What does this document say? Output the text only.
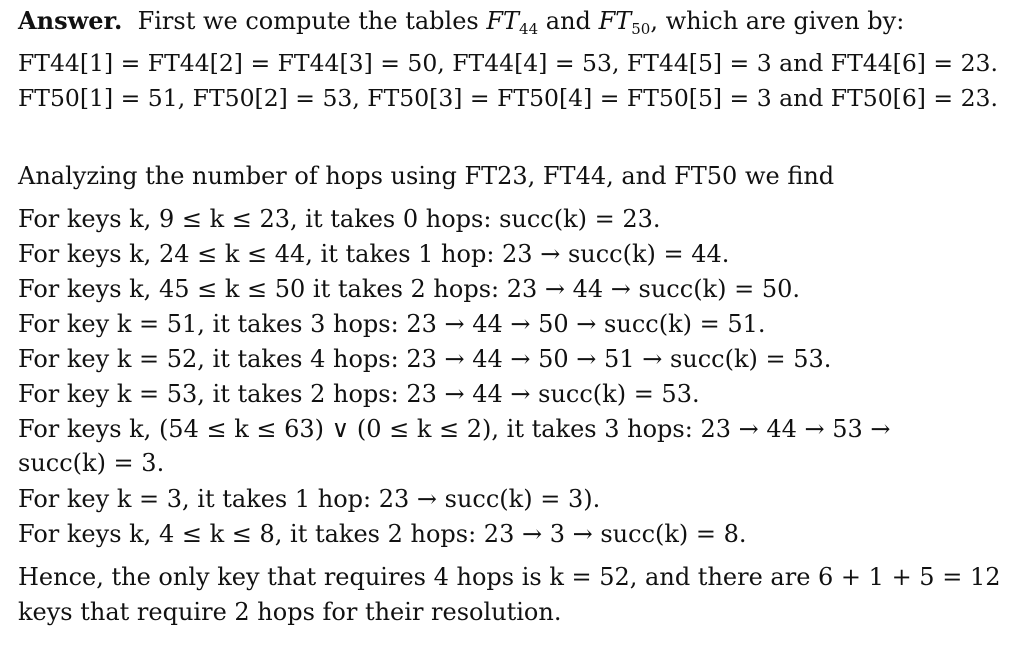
Answer. First we compute the tables $FT_{44}$ and $FT_{50}$, which are given by:

FT44[1] = FT44[2] = FT44[3] = 50, FT44[4] = 53, FT44[5] = 3 and FT44[6] = 23.

FT50[1] = 51, FT50[2] = 53, FT50[3] = FT50[4] = FT50[5] = 3 and FT50[6] = 23.

Analyzing the number of hops using FT23, FT44, and FT50 we find

For keys k, 9 ≤ k ≤ 23, it takes 0 hops: succ(k) = 23.

For keys k, 24 ≤ k ≤ 44, it takes 1 hop: 23 → succ(k) = 44.

For keys k, 45 ≤ k ≤ 50 it takes 2 hops: 23 → 44 → succ(k) = 50.

For key k = 51, it takes 3 hops: 23 → 44 → 50 → succ(k) = 51.

For key k = 52, it takes 4 hops: 23 → 44 → 50 → 51 → succ(k) = 53.

For key k = 53, it takes 2 hops: 23 → 44 → succ(k) = 53.

For keys k, (54 ≤ k ≤ 63) ∨ (0 ≤ k ≤ 2), it takes 3 hops: 23 → 44 → 53 →

succ(k) = 3.

For key k = 3, it takes 1 hop: 23 → succ(k) = 3).

For keys k, 4 ≤ k ≤ 8, it takes 2 hops: 23 → 3 → succ(k) = 8.

Hence, the only key that requires 4 hops is k = 52, and there are 6 + 1 + 5 = 12

keys that require 2 hops for their resolution.
